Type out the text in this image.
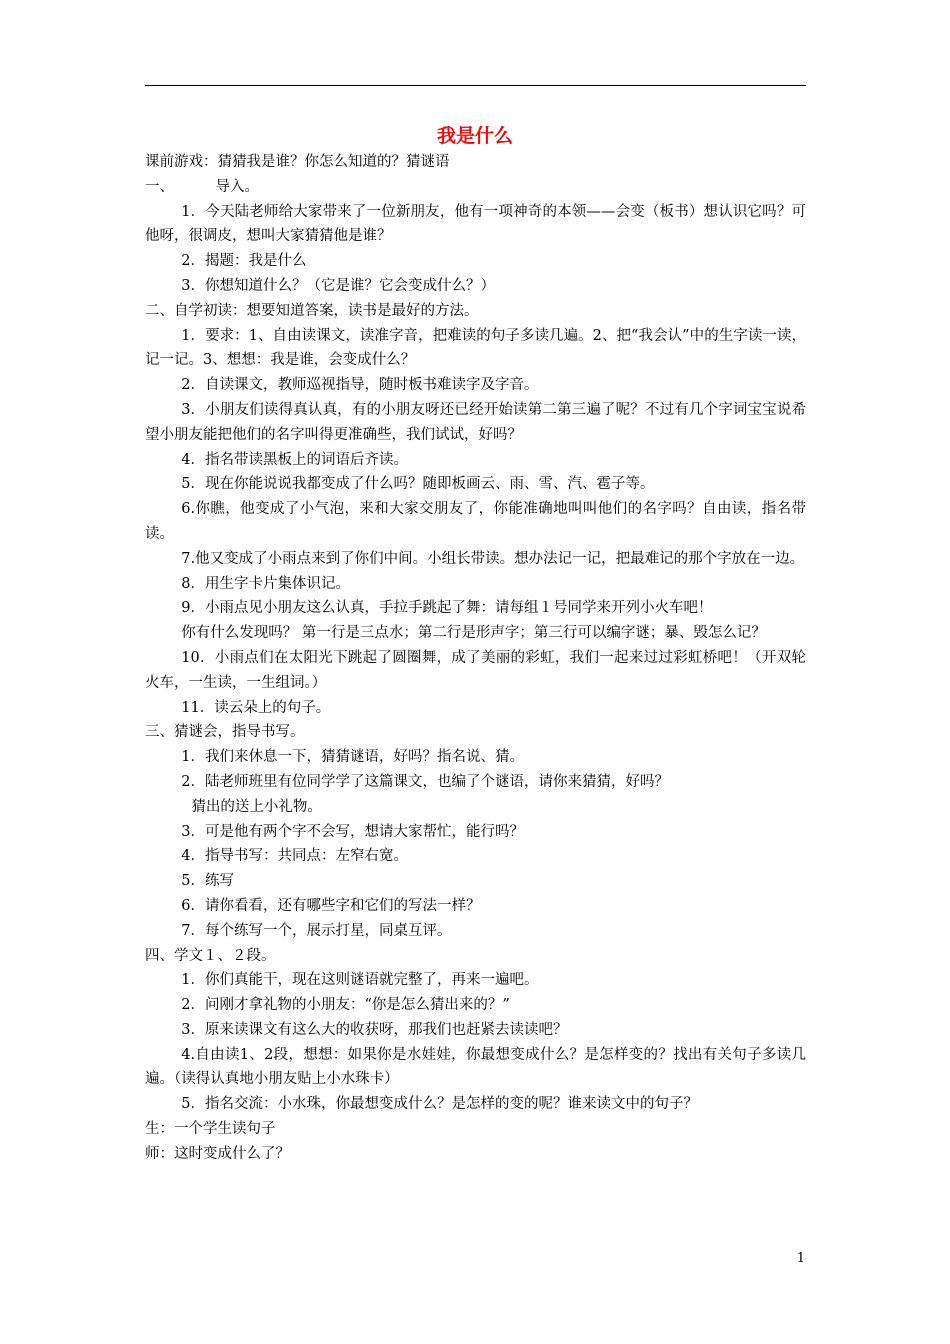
我是什么

课前游戏：猜猜我是谁？你怎么知道的？猜谜语

一、         导入。

1．今天陆老师给大家带来了一位新朋友，他有一项神奇的本领——会变（板书）想认识它吗？可他呀，很调皮，想叫大家猜猜他是谁？

2．揭题：我是什么

3．你想知道什么？（它是谁？它会变成什么？）

二、自学初读：想要知道答案，读书是最好的方法。

1．要求：1、自由读课文，读准字音，把难读的句子多读几遍。2、把“我会认”中的生字读一读，记一记。3、想想：我是谁，会变成什么？

2．自读课文，教师巡视指导，随时板书难读字及字音。

3．小朋友们读得真认真，有的小朋友呀还已经开始读第二第三遍了呢？不过有几个字词宝宝说希望小朋友能把他们的名字叫得更准确些，我们试试，好吗？

4．指名带读黑板上的词语后齐读。

5．现在你能说说我都变成了什么吗？随即板画云、雨、雪、汽、雹子等。

6.你瞧，他变成了小气泡，来和大家交朋友了，你能准确地叫叫他们的名字吗？自由读，指名带读。

7.他又变成了小雨点来到了你们中间。小组长带读。想办法记一记，把最难记的那个字放在一边。

8．用生字卡片集体识记。

9．小雨点见小朋友这么认真，手拉手跳起了舞：请每组１号同学来开列小火车吧！

你有什么发现吗？ 第一行是三点水；第二行是形声字；第三行可以编字谜；暴、毁怎么记？

10．小雨点们在太阳光下跳起了圆圈舞，成了美丽的彩虹，我们一起来过过彩虹桥吧！（开双轮火车，一生读，一生组词。）

11．读云朵上的句子。

三、猜谜会，指导书写。

1．我们来休息一下，猜猜谜语，好吗？指名说、猜。

2．陆老师班里有位同学学了这篇课文，也编了个谜语，请你来猜猜，好吗？

猜出的送上小礼物。

3．可是他有两个字不会写，想请大家帮忙，能行吗？

4．指导书写：共同点：左窄右宽。

5．练写

6．请你看看，还有哪些字和它们的写法一样？

7．每个练写一个，展示打星，同桌互评。

四、学文１、２段。

1．你们真能干，现在这则谜语就完整了，再来一遍吧。

2．问刚才拿礼物的小朋友：“你是怎么猜出来的？”

3．原来读课文有这么大的收获呀，那我们也赶紧去读读吧？

4.自由读1、2段，想想：如果你是水娃娃，你最想变成什么？是怎样变的？找出有关句子多读几遍。（读得认真地小朋友贴上小水珠卡）

5．指名交流：小水珠，你最想变成什么？是怎样的变的呢？谁来读文中的句子？

生：一个学生读句子

师：这时变成什么了？

1
